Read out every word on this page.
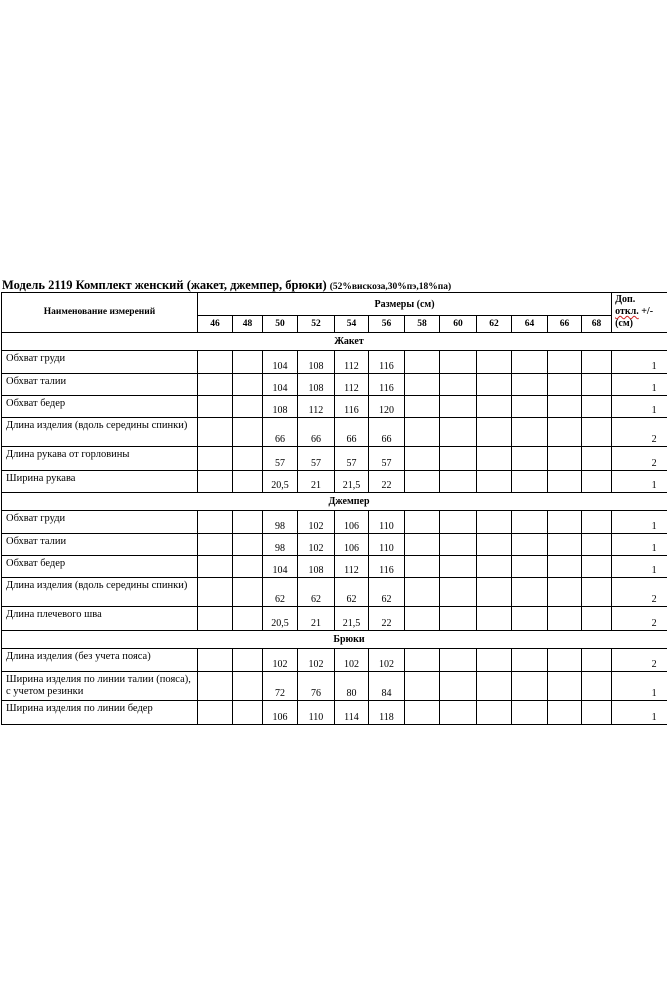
Модель 2119 Комплект женский (жакет, джемпер, брюки) (52%вискоза,30%пэ,18%па)
Наименование измерений	Размеры (см)												Доп.
откл. +/-
(см)
	46	48	50	52	54	56	58	60	62	64	66	68	
Жакет													
Обхват груди			104	108	112	116							1
Обхват талии			104	108	112	116							1
Обхват бедер			108	112	116	120							1
Длина изделия (вдоль середины спинки)			66	66	66	66							2
Длина рукава от горловины			57	57	57	57							2
Ширина рукава			20,5	21	21,5	22							1
Джемпер													
Обхват груди			98	102	106	110							1
Обхват талии			98	102	106	110							1
Обхват бедер			104	108	112	116							1
Длина изделия (вдоль середины спинки)			62	62	62	62							2
Длина плечевого шва			20,5	21	21,5	22							2
Брюки													
Длина изделия (без учета пояса)			102	102	102	102							2
Ширина изделия по линии талии (пояса), с учетом резинки			72	76	80	84							1
Ширина изделия по линии бедер			106	110	114	118							1
